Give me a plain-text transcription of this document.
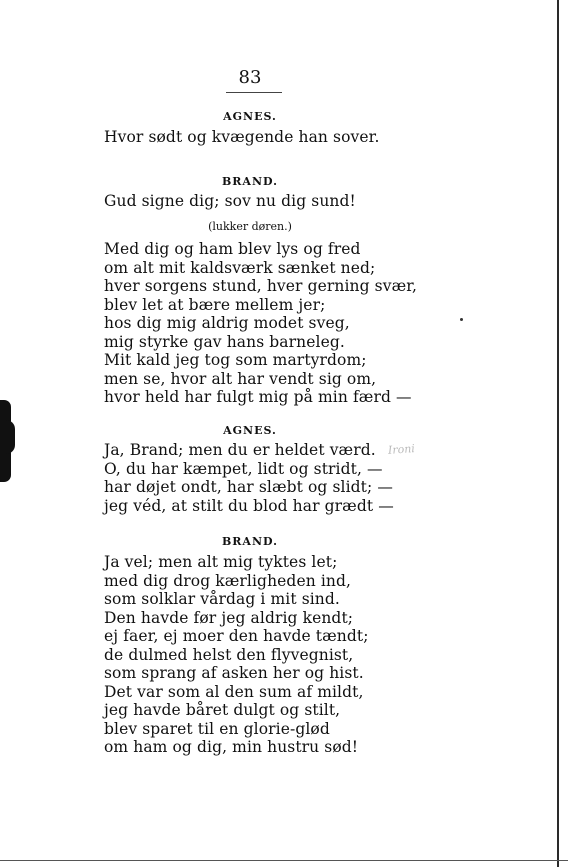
83
AGNES.
Hvor sødt og kvægende han sover.
BRAND.
Gud signe dig; sov nu dig sund!
(lukker døren.)
Med dig og ham blev lys og fred
om alt mit kaldsværk sænket ned;
hver sorgens stund, hver gerning svær,
blev let at bære mellem jer;
hos dig mig aldrig modet sveg,
mig styrke gav hans barneleg.
Mit kald jeg tog som martyrdom;
men se, hvor alt har vendt sig om,
hvor held har fulgt mig på min færd —
AGNES.
Ja, Brand; men du er heldet værd.
O, du har kæmpet, lidt og stridt, —
har døjet ondt, har slæbt og slidt; —
jeg véd, at stilt du blod har grædt —
Ironi
BRAND.
Ja vel; men alt mig tyktes let;
med dig drog kærligheden ind,
som solklar vårdag i mit sind.
Den havde før jeg aldrig kendt;
ej faer, ej moer den havde tændt;
de dulmed helst den flyvegnist,
som sprang af asken her og hist.
Det var som al den sum af mildt,
jeg havde båret dulgt og stilt,
blev sparet til en glorie-glød
om ham og dig, min hustru sød!
